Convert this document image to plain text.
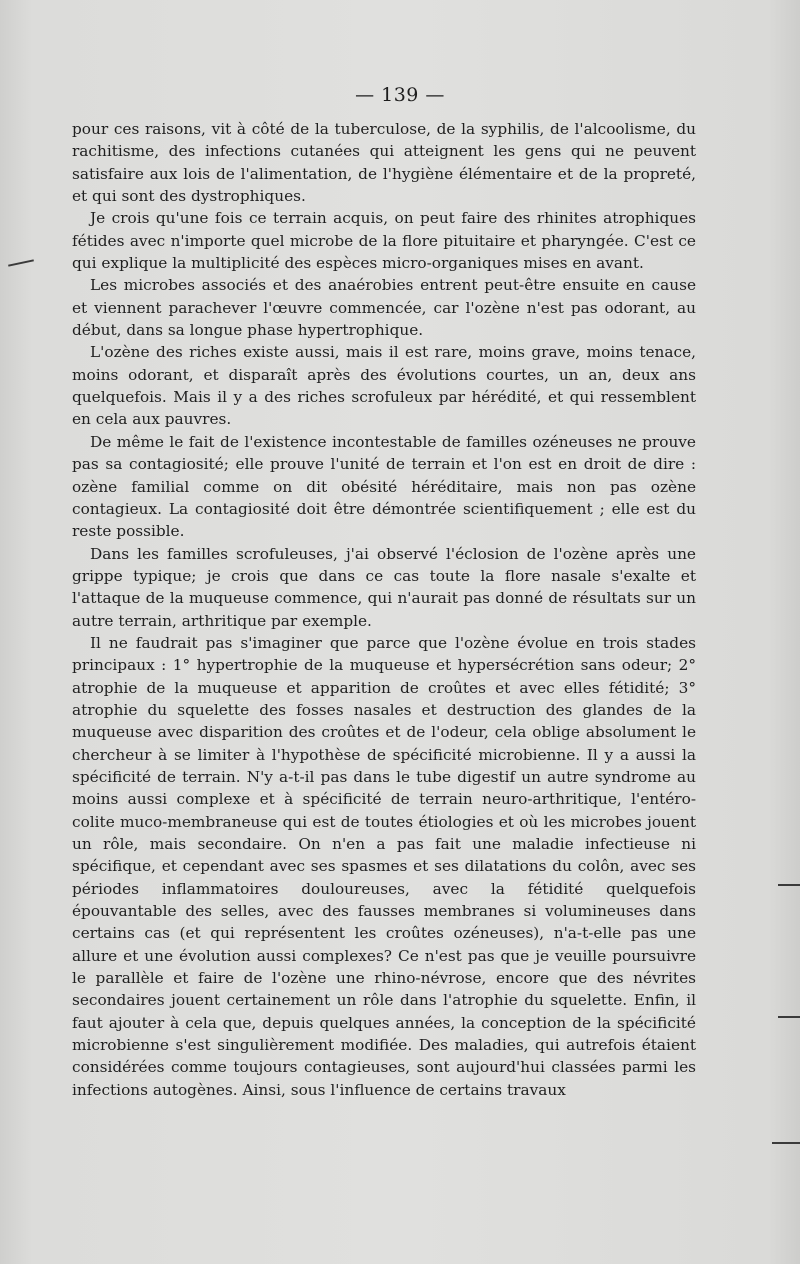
— 139 —

pour ces raisons, vit à côté de la tuberculose, de la syphilis, de l'alcoolisme, du rachitisme, des infections cutanées qui atteignent les gens qui ne peuvent satisfaire aux lois de l'alimentation, de l'hygiène élémentaire et de la propreté, et qui sont des dystrophiques.

Je crois qu'une fois ce terrain acquis, on peut faire des rhinites atrophiques fétides avec n'importe quel microbe de la flore pituitaire et pharyngée. C'est ce qui explique la multiplicité des espèces micro-organiques mises en avant.

Les microbes associés et des anaérobies entrent peut-être ensuite en cause et viennent parachever l'œuvre commencée, car l'ozène n'est pas odorant, au début, dans sa longue phase hypertrophique.

L'ozène des riches existe aussi, mais il est rare, moins grave, moins tenace, moins odorant, et disparaît après des évolutions courtes, un an, deux ans quelquefois. Mais il y a des riches scrofuleux par hérédité, et qui ressemblent en cela aux pauvres.

De même le fait de l'existence incontestable de familles ozéneuses ne prouve pas sa contagiosité; elle prouve l'unité de terrain et l'on est en droit de dire : ozène familial comme on dit obésité héréditaire, mais non pas ozène contagieux. La contagiosité doit être démontrée scientifiquement ; elle est du reste possible.

Dans les familles scrofuleuses, j'ai observé l'éclosion de l'ozène après une grippe typique; je crois que dans ce cas toute la flore nasale s'exalte et l'attaque de la muqueuse commence, qui n'aurait pas donné de résultats sur un autre terrain, arthritique par exemple.

Il ne faudrait pas s'imaginer que parce que l'ozène évolue en trois stades principaux : 1° hypertrophie de la muqueuse et hypersécrétion sans odeur; 2° atrophie de la muqueuse et apparition de croûtes et avec elles fétidité; 3° atrophie du squelette des fosses nasales et destruction des glandes de la muqueuse avec disparition des croûtes et de l'odeur, cela oblige absolument le chercheur à se limiter à l'hypothèse de spécificité microbienne. Il y a aussi la spécificité de terrain. N'y a-t-il pas dans le tube digestif un autre syndrome au moins aussi complexe et à spécificité de terrain neuro-arthritique, l'entéro-colite muco-membraneuse qui est de toutes étiologies et où les microbes jouent un rôle, mais secondaire. On n'en a pas fait une maladie infectieuse ni spécifique, et cependant avec ses spasmes et ses dilatations du colôn, avec ses périodes inflammatoires douloureuses, avec la fétidité quelquefois épouvantable des selles, avec des fausses membranes si volumineuses dans certains cas (et qui représentent les croûtes ozéneuses), n'a-t-elle pas une allure et une évolution aussi complexes? Ce n'est pas que je veuille poursuivre le parallèle et faire de l'ozène une rhino-névrose, encore que des névrites secondaires jouent certainement un rôle dans l'atrophie du squelette. Enfin, il faut ajouter à cela que, depuis quelques années, la conception de la spécificité microbienne s'est singulièrement modifiée. Des maladies, qui autrefois étaient considérées comme toujours contagieuses, sont aujourd'hui classées parmi les infections autogènes. Ainsi, sous l'influence de certains travaux
